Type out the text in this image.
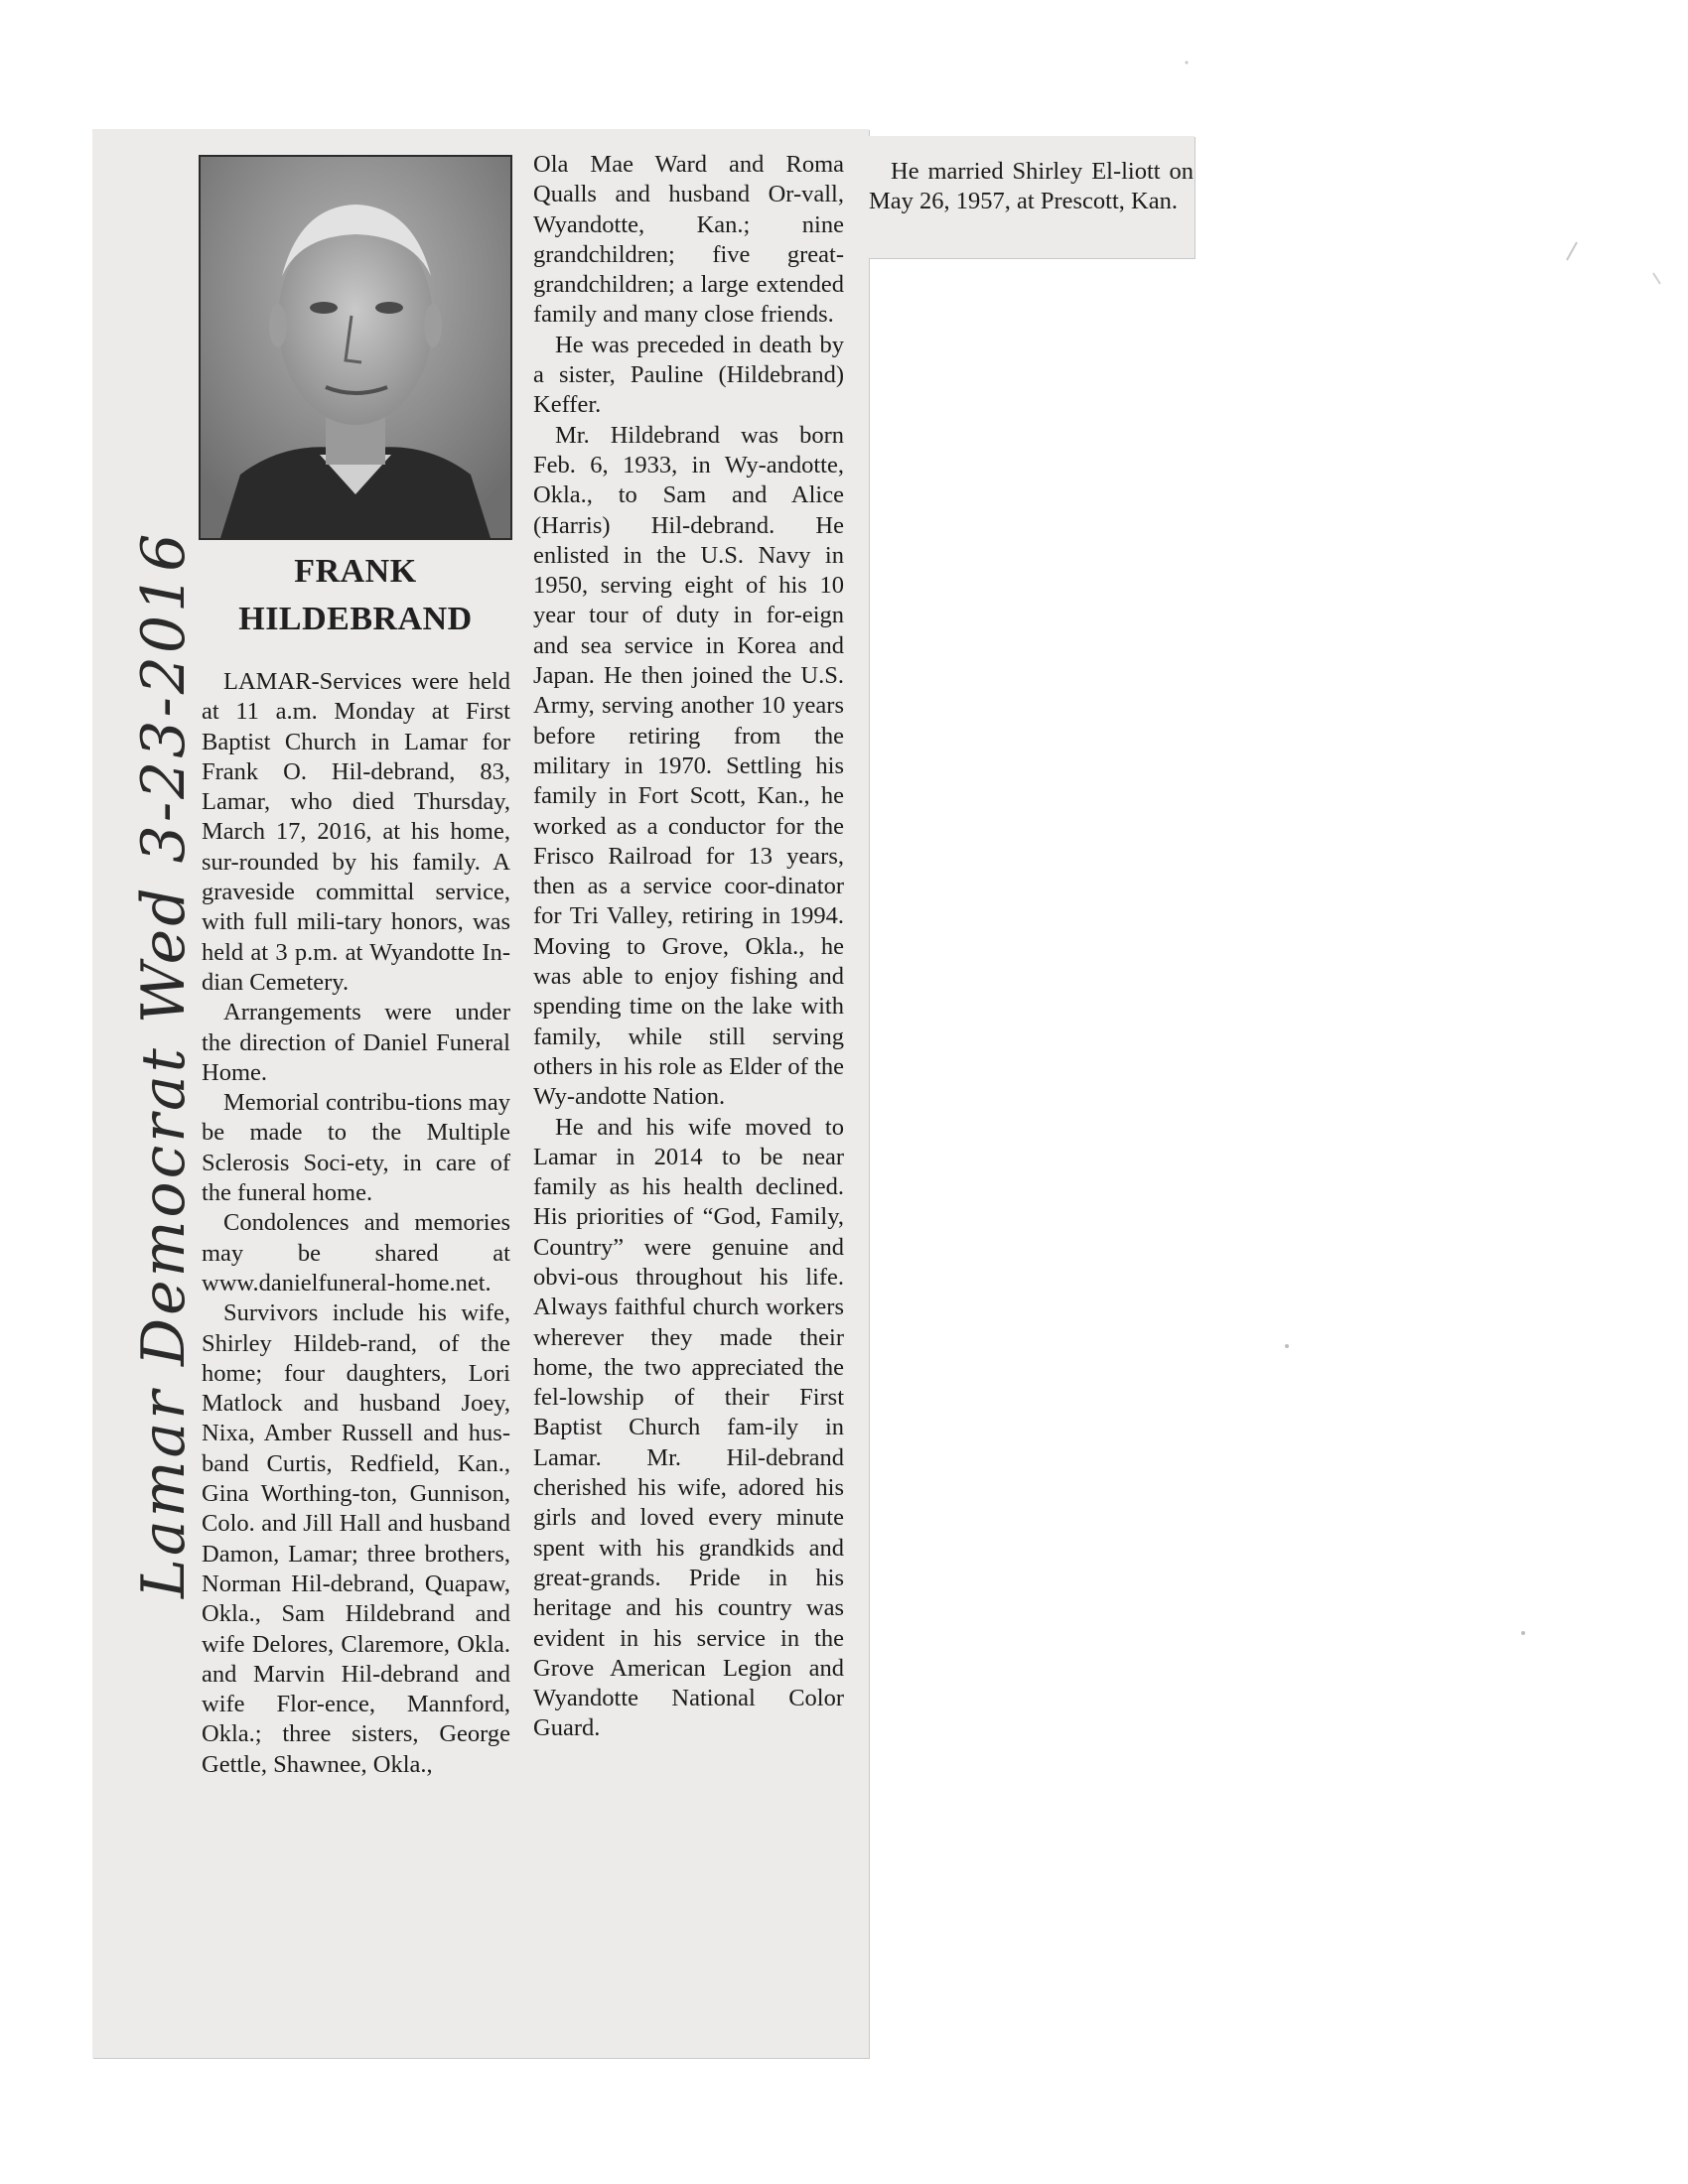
FRANK
HILDEBRAND

LAMAR-Services were held at 11 a.m. Monday at First Baptist Church in Lamar for Frank O. Hil-debrand, 83, Lamar, who died Thursday, March 17, 2016, at his home, sur-rounded by his family. A graveside committal service, with full mili-tary honors, was held at 3 p.m. at Wyandotte In-dian Cemetery.

Arrangements were under the direction of Daniel Funeral Home.

Memorial contribu-tions may be made to the Multiple Sclerosis Soci-ety, in care of the funeral home.

Condolences and memories may be shared at www.danielfuneral-home.net.

Survivors include his wife, Shirley Hildeb-rand, of the home; four daughters, Lori Matlock and husband Joey, Nixa, Amber Russell and hus-band Curtis, Redfield, Kan., Gina Worthing-ton, Gunnison, Colo. and Jill Hall and husband Damon, Lamar; three brothers, Norman Hil-debrand, Quapaw, Okla., Sam Hildebrand and wife Delores, Claremore, Okla. and Marvin Hil-debrand and wife Flor-ence, Mannford, Okla.; three sisters, George Gettle, Shawnee, Okla.,

Ola Mae Ward and Roma Qualls and husband Or-vall, Wyandotte, Kan.; nine grandchildren; five great-grandchildren; a large extended family and many close friends.

He was preceded in death by a sister, Pauline (Hildebrand) Keffer.

Mr. Hildebrand was born Feb. 6, 1933, in Wy-andotte, Okla., to Sam and Alice (Harris) Hil-debrand. He enlisted in the U.S. Navy in 1950, serving eight of his 10 year tour of duty in for-eign and sea service in Korea and Japan. He then joined the U.S. Army, serving another 10 years before retiring from the military in 1970. Settling his family in Fort Scott, Kan., he worked as a conductor for the Frisco Railroad for 13 years, then as a service coor-dinator for Tri Valley, retiring in 1994. Moving to Grove, Okla., he was able to enjoy fishing and spending time on the lake with family, while still serving others in his role as Elder of the Wy-andotte Nation.

He and his wife moved to Lamar in 2014 to be near family as his health declined. His priorities of “God, Family, Country” were genuine and obvi-ous throughout his life. Always faithful church workers wherever they made their home, the two appreciated the fel-lowship of their First Baptist Church fam-ily in Lamar. Mr. Hil-debrand cherished his wife, adored his girls and loved every minute spent with his grandkids and great-grands. Pride in his heritage and his country was evident in his service in the Grove American Legion and Wyandotte National Color Guard.

He married Shirley El-liott on May 26, 1957, at Prescott, Kan.

Lamar Democrat Wed 3-23-2016
